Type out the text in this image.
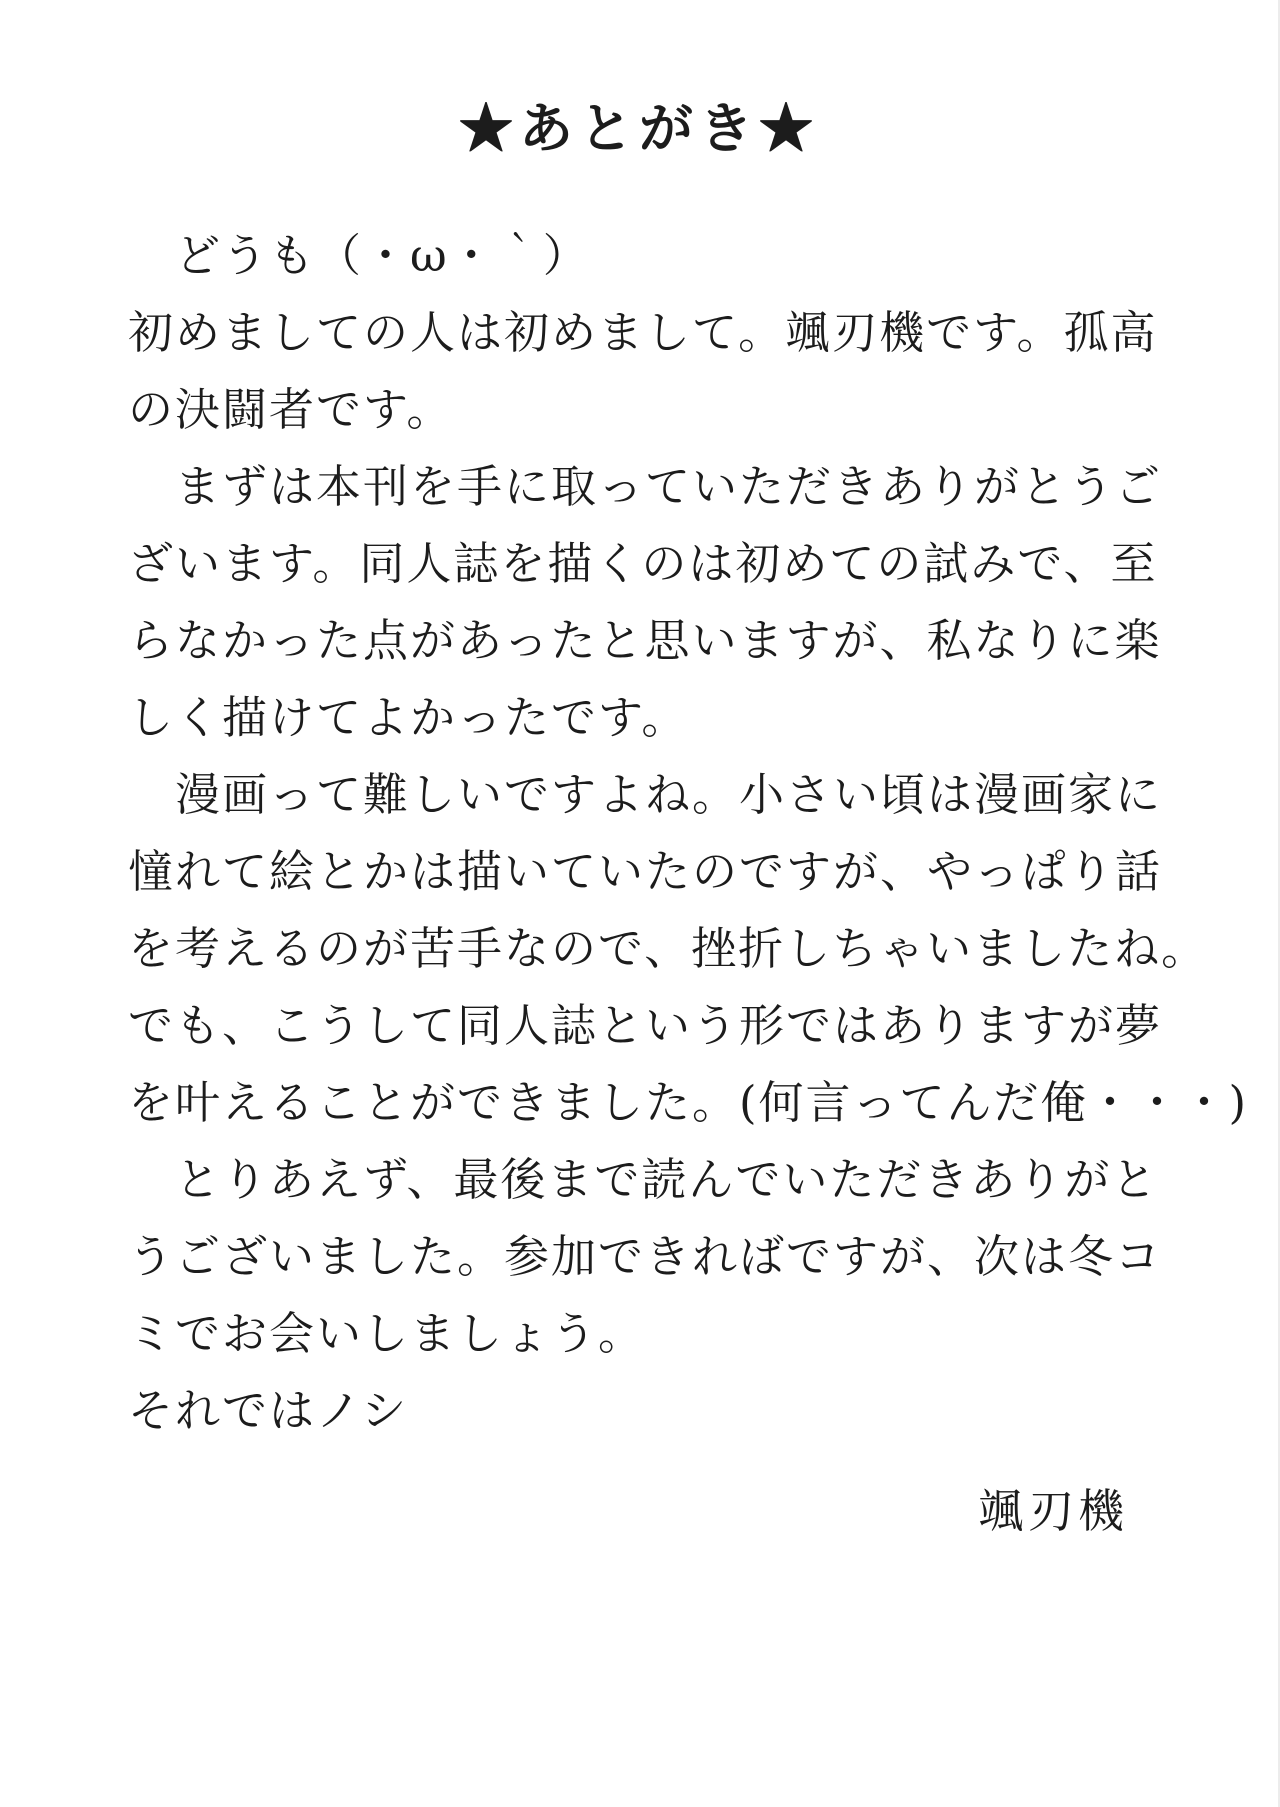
★あとがき★

　どうも（・ω・｀）

初めましての人は初めまして。颯刃機です。孤高

の決闘者です。

　まずは本刊を手に取っていただきありがとうご

ざいます。同人誌を描くのは初めての試みで、至

らなかった点があったと思いますが、私なりに楽

しく描けてよかったです。

　漫画って難しいですよね。小さい頃は漫画家に

憧れて絵とかは描いていたのですが、やっぱり話

を考えるのが苦手なので、挫折しちゃいましたね。

でも、こうして同人誌という形ではありますが夢

を叶えることができました。(何言ってんだ俺・・・)

　とりあえず、最後まで読んでいただきありがと

うございました。参加できればですが、次は冬コ

ミでお会いしましょう。

それではノシ

颯刃機
